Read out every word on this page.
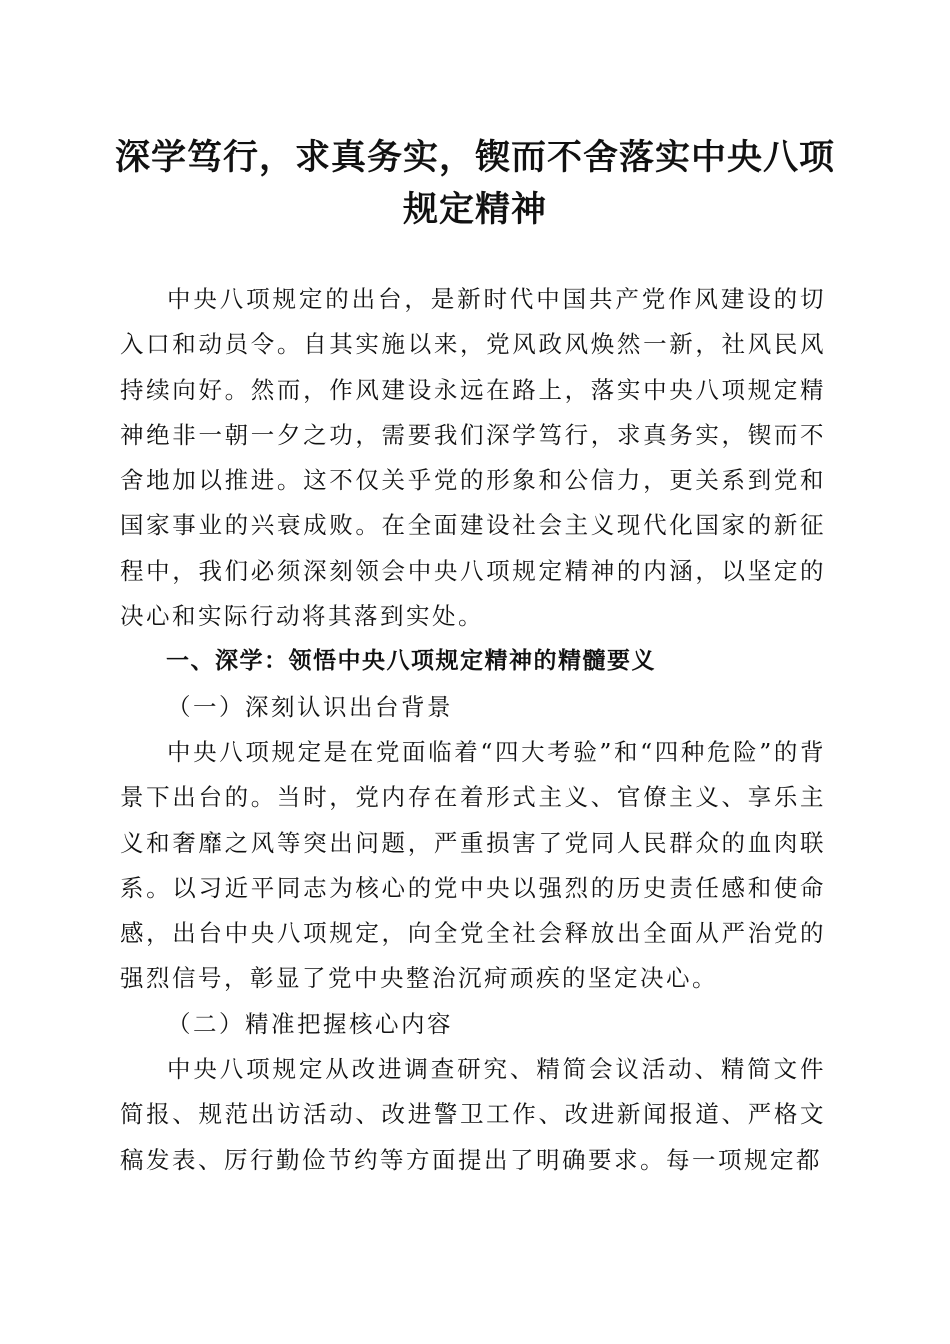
深学笃行，求真务实，锲而不舍落实中央八项规定精神

中央八项规定的出台，是新时代中国共产党作风建设的切入口和动员令。自其实施以来，党风政风焕然一新，社风民风持续向好。然而，作风建设永远在路上，落实中央八项规定精神绝非一朝一夕之功，需要我们深学笃行，求真务实，锲而不舍地加以推进。这不仅关乎党的形象和公信力，更关系到党和国家事业的兴衰成败。在全面建设社会主义现代化国家的新征程中，我们必须深刻领会中央八项规定精神的内涵，以坚定的决心和实际行动将其落到实处。

一、深学：领悟中央八项规定精神的精髓要义
（一）深刻认识出台背景

中央八项规定是在党面临着“四大考验”和“四种危险”的背景下出台的。当时，党内存在着形式主义、官僚主义、享乐主义和奢靡之风等突出问题，严重损害了党同人民群众的血肉联系。以习近平同志为核心的党中央以强烈的历史责任感和使命感，出台中央八项规定，向全党全社会释放出全面从严治党的强烈信号，彰显了党中央整治沉疴顽疾的坚定决心。

（二）精准把握核心内容

中央八项规定从改进调查研究、精简会议活动、精简文件简报、规范出访活动、改进警卫工作、改进新闻报道、严格文稿发表、厉行勤俭节约等方面提出了明确要求。每一项规定都
